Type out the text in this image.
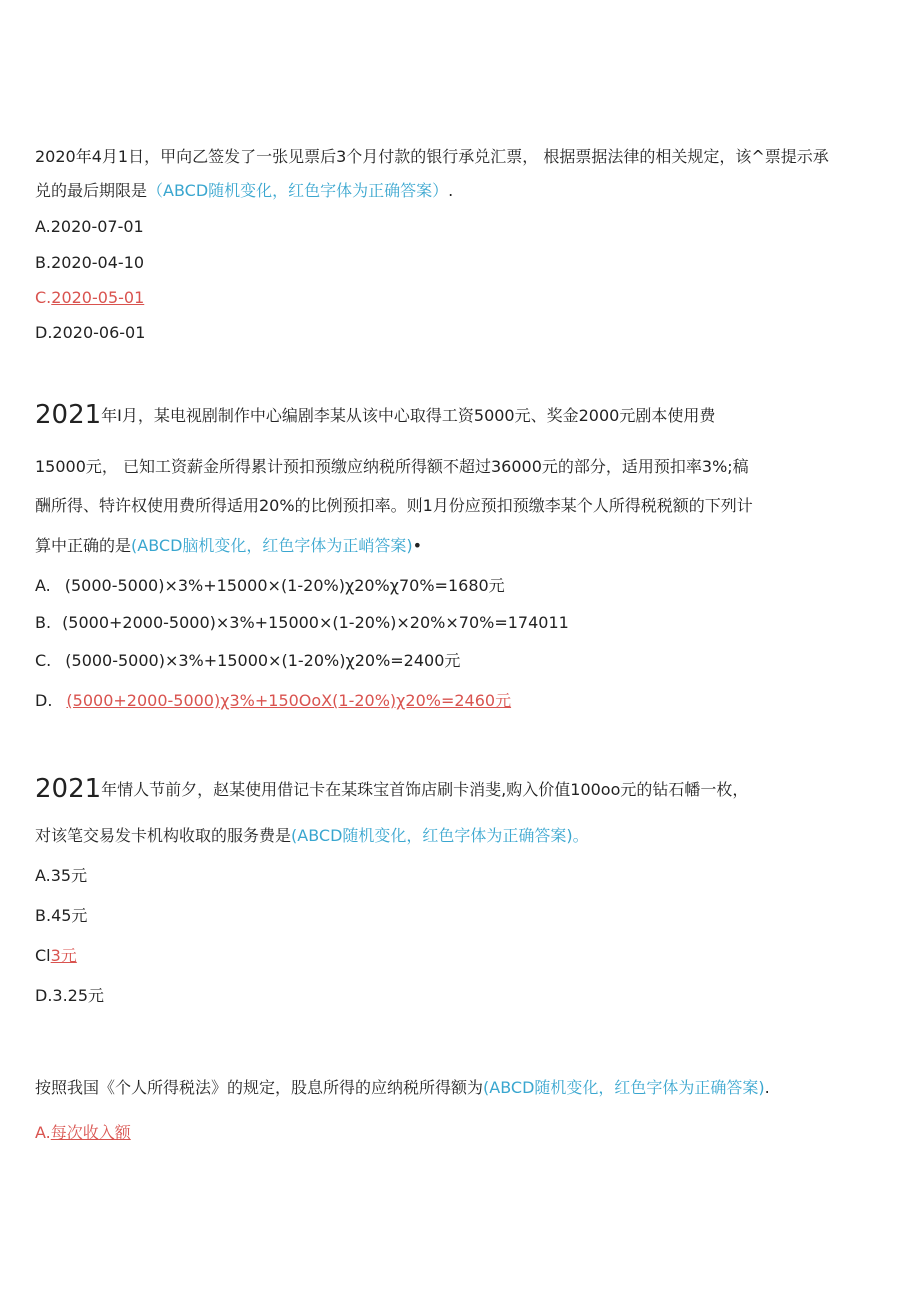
2020年4月1日，甲向乙签发了一张见票后3个月付款的银行承兑汇票， 根据票据法律的相关规定，该^票提示承
兑的最后期限是（ABCD随机变化，红色字体为正确答案）.
A.2020-07-01
B.2020-04-10
C.2020-05-01
D.2020-06-01
2021年I月，某电视剧制作中心编剧李某从该中心取得工资5000元、奖金2000元剧本使用费
15000元， 已知工资薪金所得累计预扣预缴应纳税所得额不超过36000元的部分，适用预扣率3%;稿
酬所得、特许权使用费所得适用20%的比例预扣率。则1月份应预扣预缴李某个人所得税税额的下列计
算中正确的是(ABCD脑机变化，红色字体为正峭答案)•
A. (5000-5000)×3%+15000×(1-20%)χ20%χ70%=1680元
B. (5000+2000-5000)×3%+15000×(1-20%)×20%×70%=174011
C. (5000-5000)×3%+15000×(1-20%)χ20%=2400元
D. (5000+2000-5000)χ3%+150OoX(1-20%)χ20%=2460元
2021年情人节前夕，赵某使用借记卡在某珠宝首饰店刷卡消斐,购入价值100oo元的钻石幡一枚，
对该笔交易发卡机构收取的服务费是(ABCD随机变化，红色字体为正确答案)。
A.35元
B.45元
Cl3元
D.3.25元
按照我国《个人所得税法》的规定，股息所得的应纳税所得额为(ABCD随机变化，红色字体为正确答案).
A.每次收入额
